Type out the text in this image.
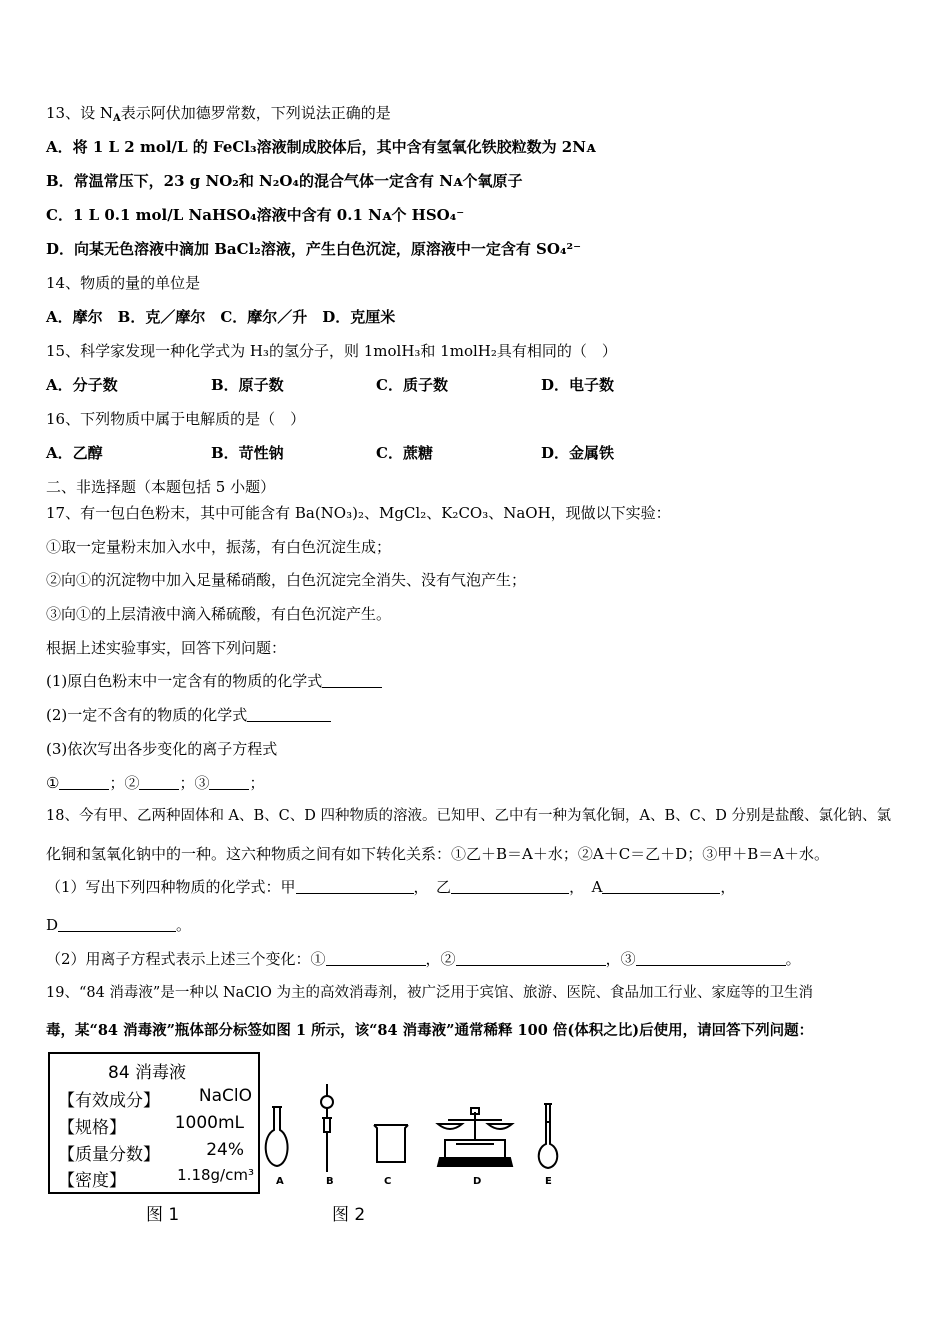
13、设 $N_A$表示阿伏加德罗常数，下列说法正确的是
A．将 1 L 2 mol/L 的 FeCl₃溶液制成胶体后，其中含有氢氧化铁胶粒数为 2Nᴀ
B．常温常压下，23 g NO₂和 N₂O₄的混合气体一定含有 Nᴀ个氧原子
C．1 L 0.1 mol/L NaHSO₄溶液中含有 0.1 Nᴀ个 HSO₄⁻
D．向某无色溶液中滴加 BaCl₂溶液，产生白色沉淀，原溶液中一定含有 SO₄²⁻
14、物质的量的单位是
A．摩尔　B．克／摩尔　C．摩尔／升　D．克厘米
15、科学家发现一种化学式为 H₃的氢分子，则 1molH₃和 1molH₂具有相同的（　）
A．分子数	B．原子数	C．质子数	D．电子数
16、下列物质中属于电解质的是（　）
A．乙醇	B．苛性钠	C．蔗糖	D．金属铁
二、非选择题（本题包括 5 小题）
17、有一包白色粉末，其中可能含有 Ba(NO₃)₂、MgCl₂、K₂CO₃、NaOH，现做以下实验：
①取一定量粉末加入水中，振荡，有白色沉淀生成；
②向①的沉淀物中加入足量稀硝酸，白色沉淀完全消失、没有气泡产生；
③向①的上层清液中滴入稀硫酸，有白色沉淀产生。
根据上述实验事实，回答下列问题：
(1)原白色粉末中一定含有的物质的化学式
(2)一定不含有的物质的化学式
(3)依次写出各步变化的离子方程式
①	；②	；③	；
18、今有甲、乙两种固体和 A、B、C、D 四种物质的溶液。已知甲、乙中有一种为氧化铜，A、B、C、D 分别是盐酸、氯化钠、氯
化铜和氢氧化钠中的一种。这六种物质之间有如下转化关系：①乙＋B＝A＋水；②A＋C＝乙＋D；③甲＋B＝A＋水。
（1）写出下列四种物质的化学式：甲	，　乙	，　A	，
D	。
（2）用离子方程式表示上述三个变化：①	，②	，③	。
19、“84 消毒液”是一种以 NaClO 为主的高效消毒剂，被广泛用于宾馆、旅游、医院、食品加工行业、家庭等的卫生消
毒，某“84 消毒液”瓶体部分标签如图 1 所示，该“84 消毒液”通常稀释 100 倍(体积之比)后使用，请回答下列问题：
84 消毒液
【有效成分】 NaClO
【规格】	1000mL
【质量分数】	24%
【密度】	1.18g/cm³ A	B	C	D	E
图 1	图 2
